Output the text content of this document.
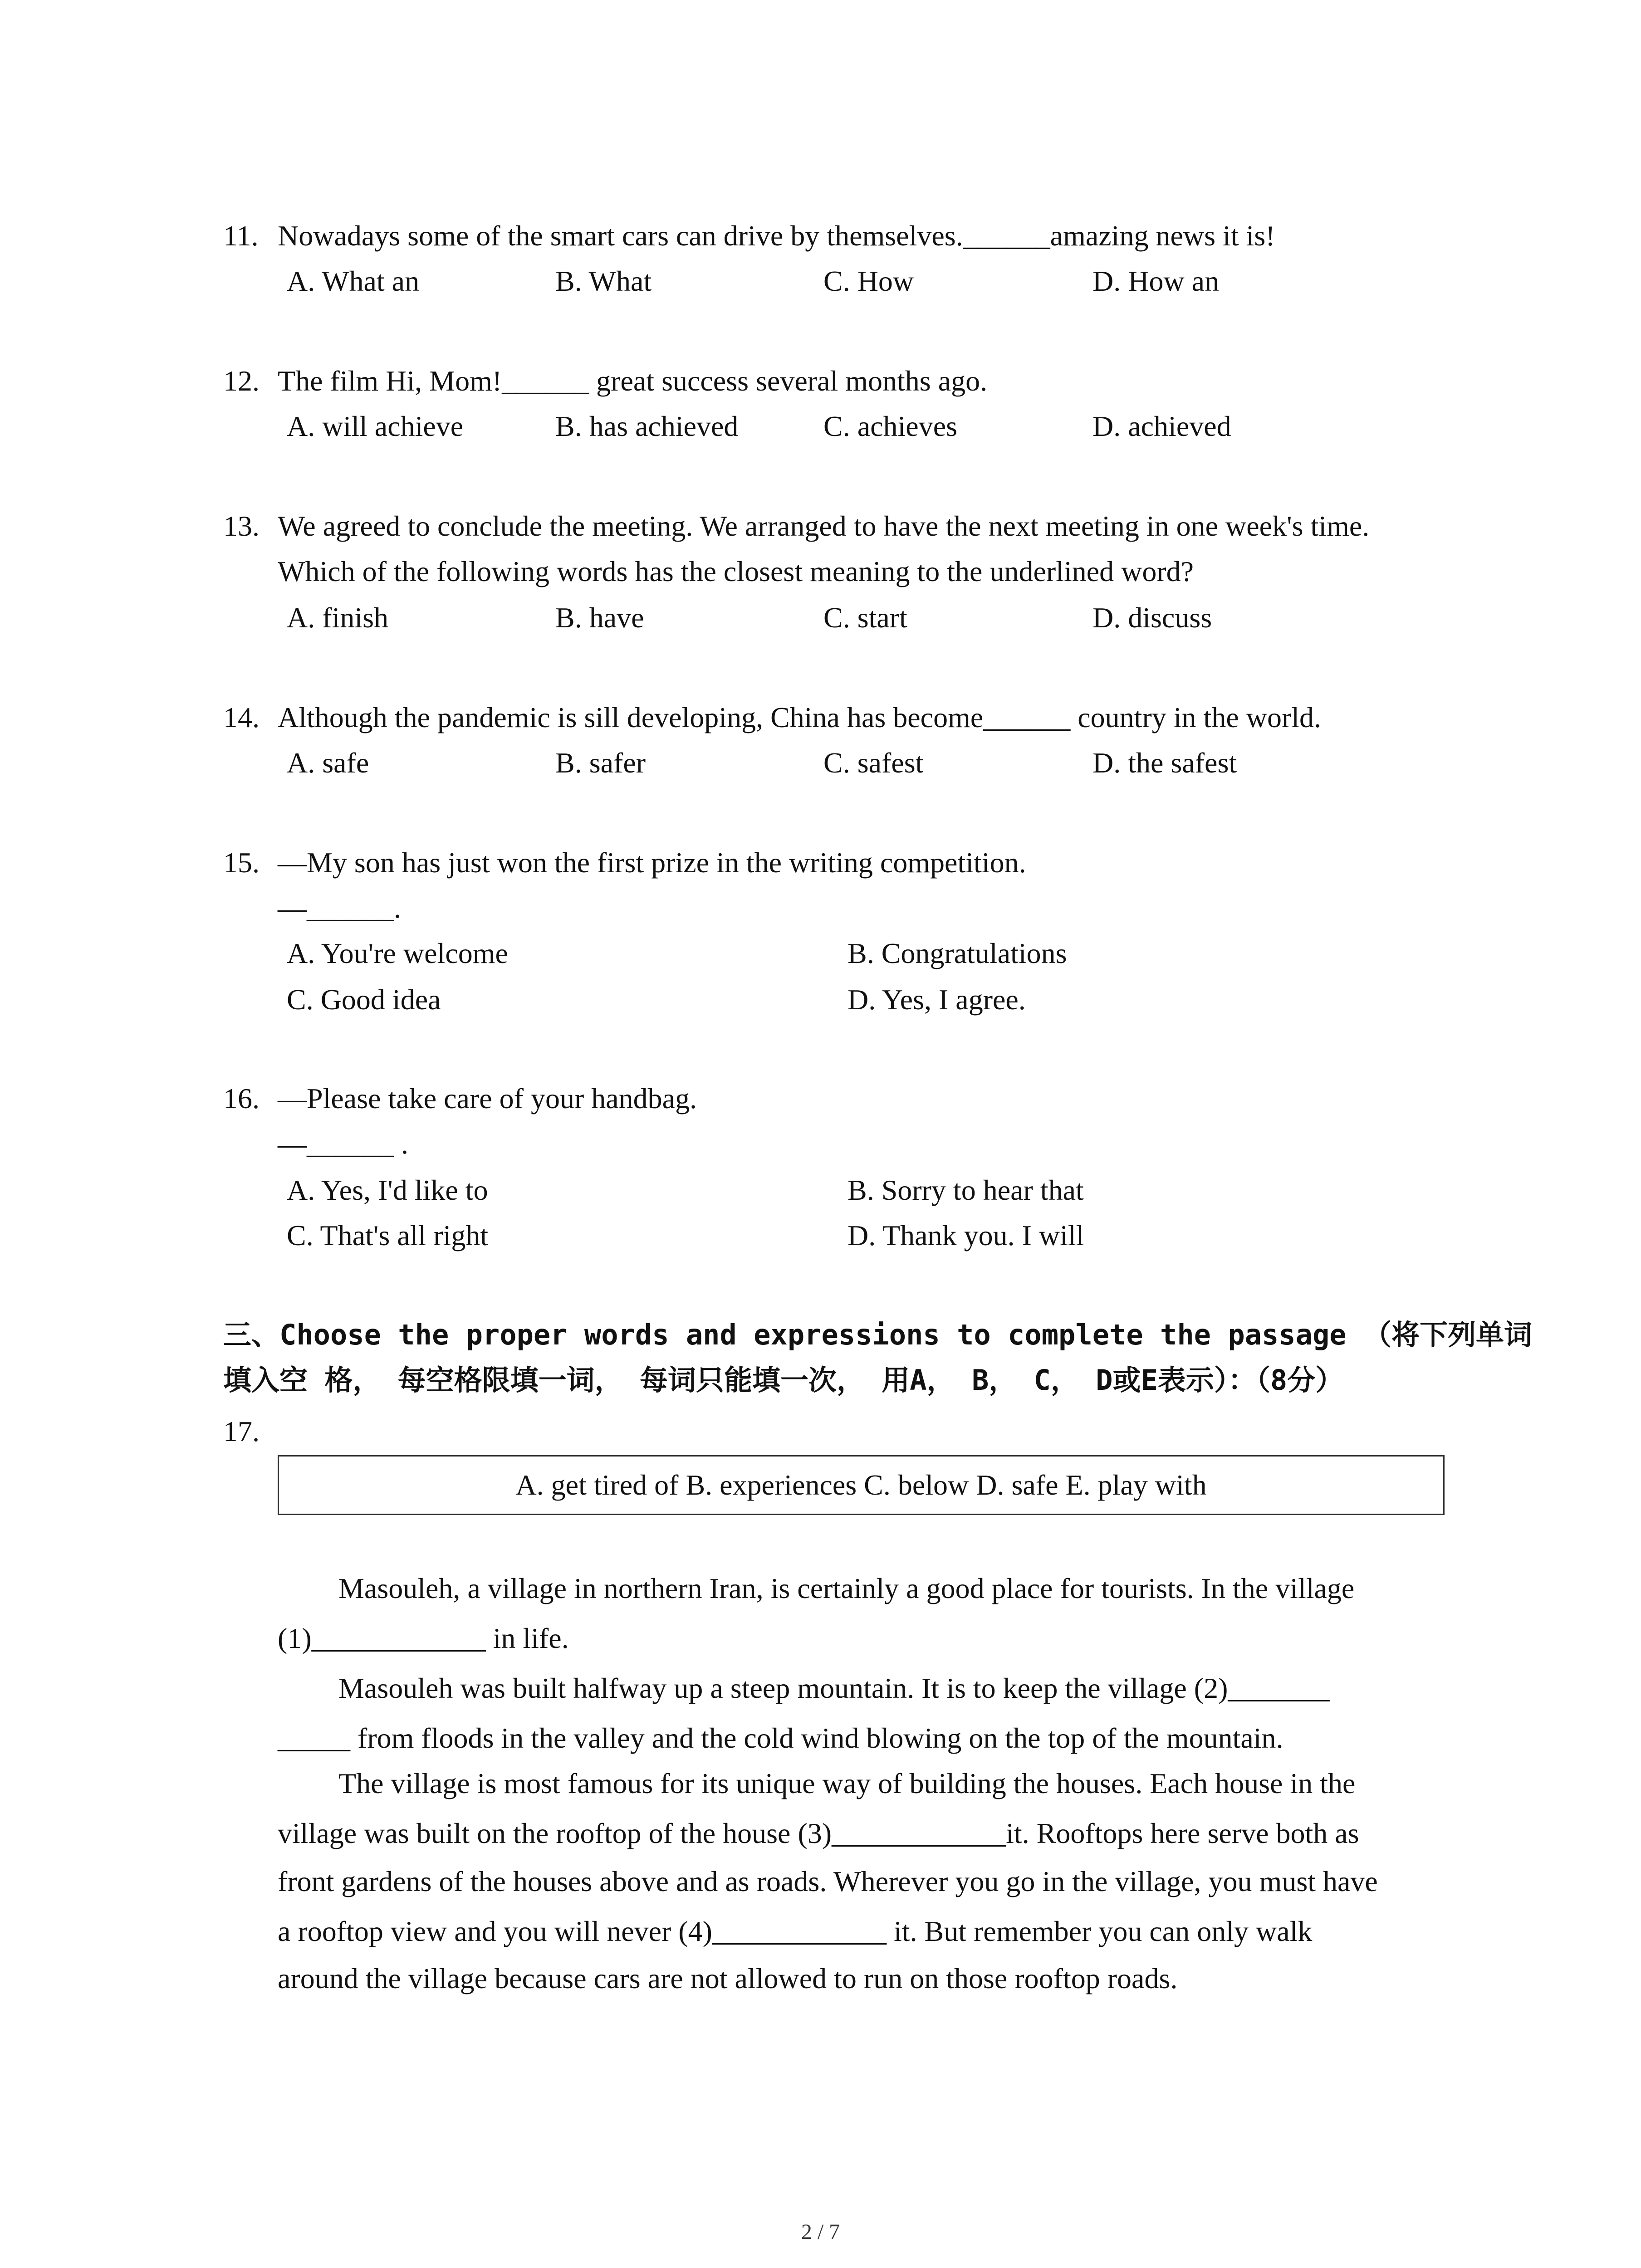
11. Nowadays some of the smart cars can drive by themselves.______amazing news it is!
A. What an	B. What	C. How	D. How an
12. The film Hi, Mom!______ great success several months ago.
A. will achieve	B. has achieved	C. achieves	D. achieved
13. We agreed to conclude the meeting. We arranged to have the next meeting in one week's time.
Which of the following words has the closest meaning to the underlined word?
A. finish	B. have	C. start	D. discuss
14. Although the pandemic is sill developing, China has become______ country in the world.
A. safe	B. safer	C. safest	D. the safest
15. —My son has just won the first prize in the writing competition.
—______.
A. You're welcome	B. Congratulations
C. Good idea	D. Yes, I agree.
16. —Please take care of your handbag.
—______ .
A. Yes, I'd like to	B. Sorry to hear that
C. That's all right	D. Thank you. I will
三、Choose the proper words and expressions to complete the passage （将下列单词
填入空 格， 每空格限填一词， 每词只能填一次， 用A， B， C， D或E表示）：（8分）
17.
A. get tired of B. experiences C. below D. safe E. play with
Masouleh, a village in northern Iran, is certainly a good place for tourists. In the village
(1)____________ in life.
Masouleh was built halfway up a steep mountain. It is to keep the village (2)_______
_____ from floods in the valley and the cold wind blowing on the top of the mountain.
The village is most famous for its unique way of building the houses. Each house in the
village was built on the rooftop of the house (3)____________it. Rooftops here serve both as
front gardens of the houses above and as roads. Wherever you go in the village, you must have
a rooftop view and you will never (4)____________ it. But remember you can only walk
around the village because cars are not allowed to run on those rooftop roads.
2 / 7
